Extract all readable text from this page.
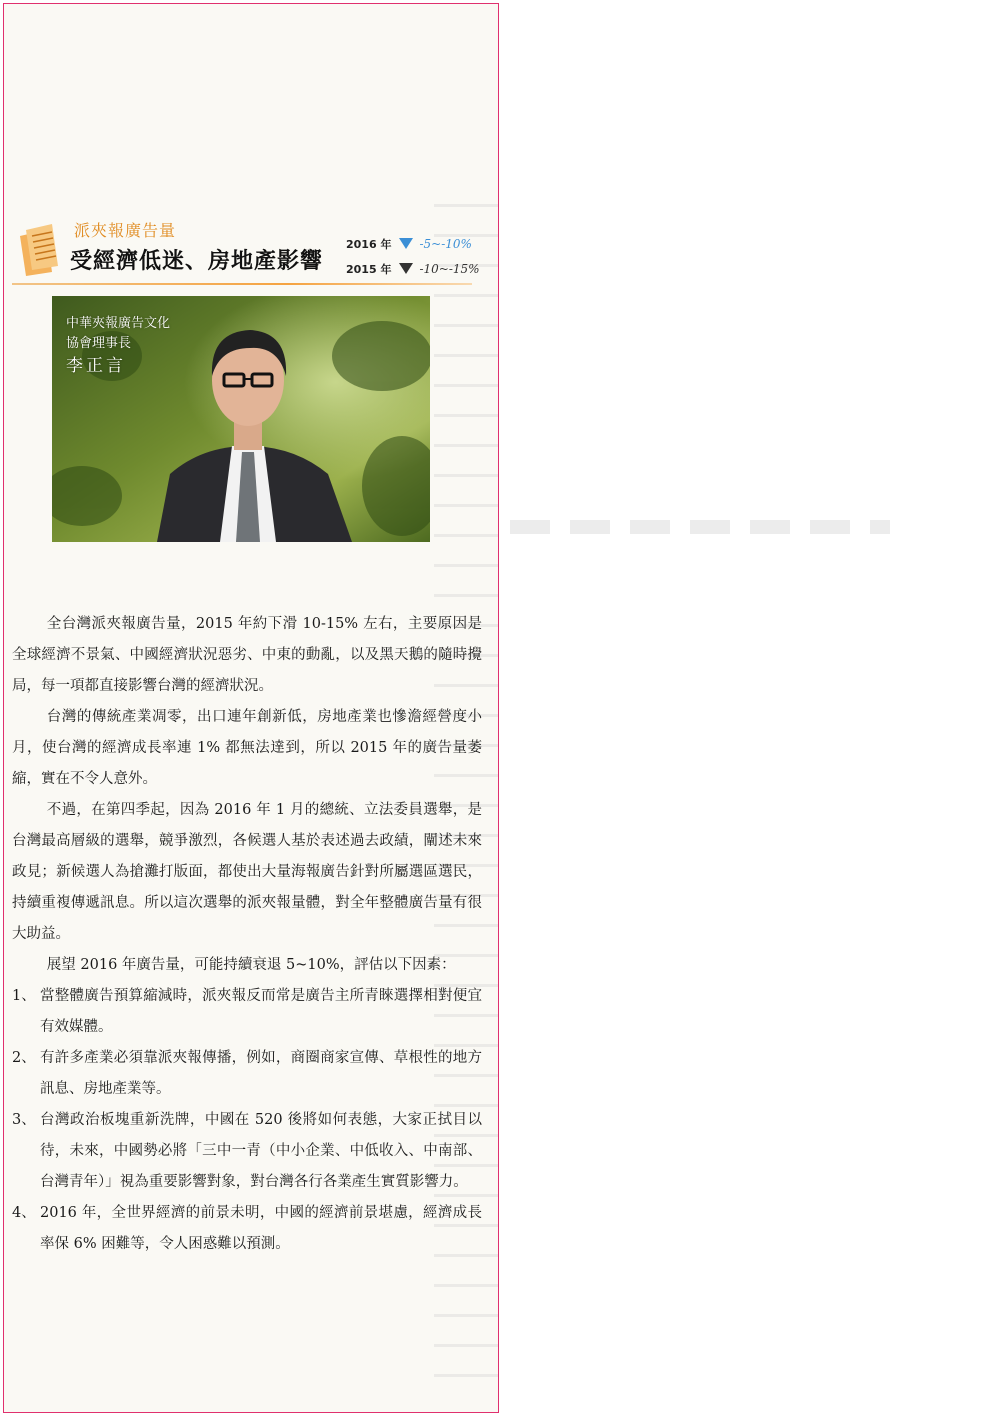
派夾報廣告量
受經濟低迷、房地產影響
2016 年 -5~-10%
2015 年 -10~-15%
中華夾報廣告文化
協會理事長
李正言

全台灣派夾報廣告量，2015 年約下滑 10-15% 左右，主要原因是全球經濟不景氣、中國經濟狀況惡劣、中東的動亂，以及黑天鵝的隨時攪局，每一項都直接影響台灣的經濟狀況。

台灣的傳統產業凋零，出口連年創新低，房地產業也慘澹經營度小月，使台灣的經濟成長率連 1% 都無法達到，所以 2015 年的廣告量萎縮，實在不令人意外。

不過，在第四季起，因為 2016 年 1 月的總統、立法委員選舉，是台灣最高層級的選舉，競爭激烈，各候選人基於表述過去政績，闡述未來政見；新候選人為搶灘打版面，都使出大量海報廣告針對所屬選區選民，持續重複傳遞訊息。所以這次選舉的派夾報量體，對全年整體廣告量有很大助益。

展望 2016 年廣告量，可能持續衰退 5~10%，評估以下因素：

1、 當整體廣告預算縮減時，派夾報反而常是廣告主所青睞選擇相對便宜有效媒體。
2、 有許多產業必須靠派夾報傳播，例如，商圈商家宣傳、草根性的地方訊息、房地產業等。
3、 台灣政治板塊重新洗牌，中國在 520 後將如何表態，大家正拭目以待，未來，中國勢必將「三中一青（中小企業、中低收入、中南部、台灣青年）」視為重要影響對象，對台灣各行各業產生實質影響力。
4、 2016 年，全世界經濟的前景未明，中國的經濟前景堪慮，經濟成長率保 6% 困難等，令人困惑難以預測。
